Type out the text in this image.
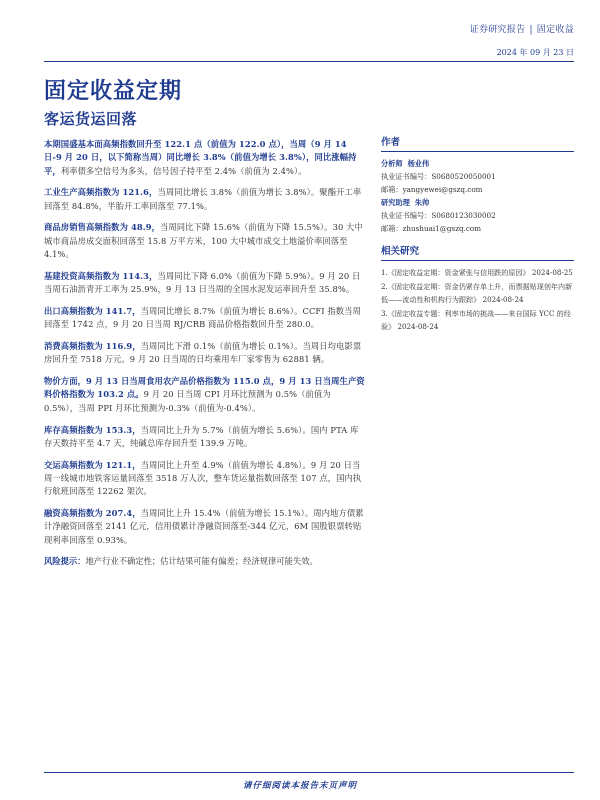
证券研究报告 | 固定收益
2024 年 09 月 23 日
固定收益定期
客运货运回落

本期国盛基本面高频指数回升至 122.1 点（前值为 122.0 点），当周（9 月 14 日-9 月 20 日，以下简称当周）同比增长 3.8%（前值为增长 3.8%），同比涨幅持平，利率债多空信号为多头，信号因子持平至 2.4%（前值为 2.4%）。

工业生产高频指数为 121.6，当周同比增长 3.8%（前值为增长 3.8%）。聚酯开工率回落至 84.8%，半胎开工率回落至 77.1%。

商品房销售高频指数为 48.9，当周同比下降 15.6%（前值为下降 15.5%）。30 大中城市商品房成交面积回落至 15.8 万平方米，100 大中城市成交土地溢价率回落至 4.1%。

基建投资高频指数为 114.3，当周同比下降 6.0%（前值为下降 5.9%）。9 月 20 日当周石油沥青开工率为 25.9%，9 月 13 日当周的全国水泥发运率回升至 35.8%。

出口高频指数为 141.7，当周同比增长 8.7%（前值为增长 8.6%）。CCFI 指数当周回落至 1742 点，9 月 20 日当周 RJ/CRB 商品价格指数回升至 280.0。

消费高频指数为 116.9，当周同比下滑 0.1%（前值为增长 0.1%）。当周日均电影票房回升至 7518 万元。9 月 20 日当周的日均乘用车厂家零售为 62881 辆。

物价方面，9 月 13 日当周食用农产品价格指数为 115.0 点，9 月 13 日当周生产资料价格指数为 103.2 点。9 月 20 日当周 CPI 月环比预测为 0.5%（前值为 0.5%），当周 PPI 月环比预测为-0.3%（前值为-0.4%）。

库存高频指数为 153.3，当周同比上升为 5.7%（前值为增长 5.6%）。国内 PTA 库存天数持平至 4.7 天，纯碱总库存回升至 139.9 万吨。

交运高频指数为 121.1，当周同比上升至 4.9%（前值为增长 4.8%）。9 月 20 日当周一线城市地铁客运量回落至 3518 万人次，整车货运量指数回落至 107 点，国内执行航班回落至 12262 架次。

融资高频指数为 207.4，当周同比上升 15.4%（前值为增长 15.1%）。周内地方债累计净融资回落至 2141 亿元，信用债累计净融资回落至-344 亿元，6M 国股银票转贴现利率回落至 0.93%。

风险提示：地产行业不确定性；估计结果可能有偏差；经济规律可能失效。

作者
分析师 杨业伟
执业证书编号：S0680520050001
邮箱：yangyewei@gszq.com
研究助理 朱帅
执业证书编号：S0680123030002
邮箱：zhushuai1@gszq.com
相关研究
1.《固定收益定期：资金紧张与信用跌的原因》 2024-08-25
2.《固定收益定期：资金仍紧存单上升，而票据贴现创年内新低——流动性和机构行为跟踪》 2024-08-24
3.《固定收益专题：利率市场的挑战——来自国际 YCC 的经验》 2024-08-24
请仔细阅读本报告末页声明
